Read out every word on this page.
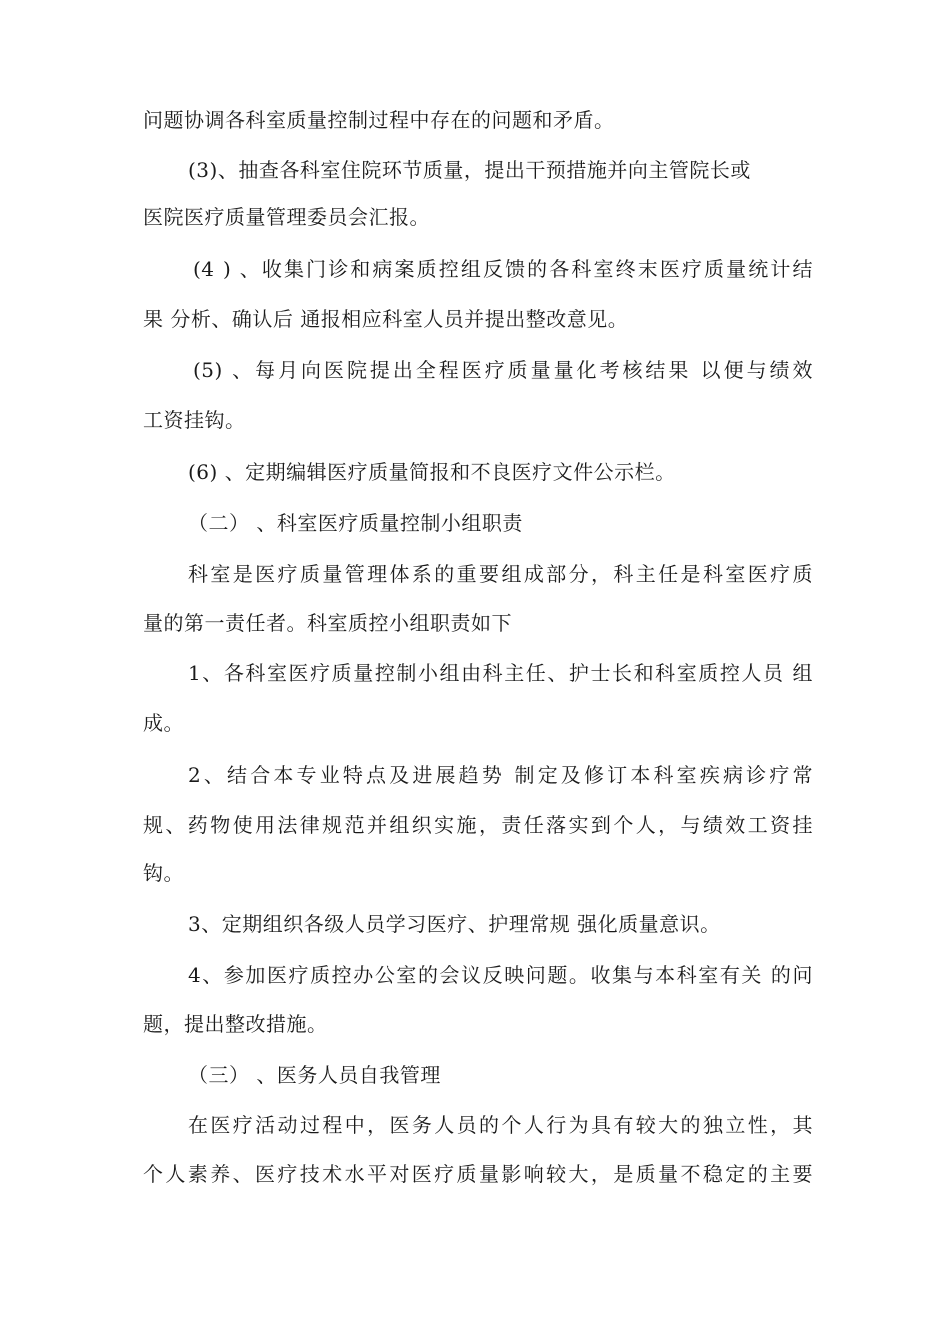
问题协调各科室质量控制过程中存在的问题和矛盾。
(3)、抽查各科室住院环节质量，提出干预措施并向主管院长或
医院医疗质量管理委员会汇报。
(4 ) 、收集门诊和病案质控组反馈的各科室终末医疗质量统计结
果 分析、确认后 通报相应科室人员并提出整改意见。
(5) 、每月向医院提出全程医疗质量量化考核结果 以便与绩效
工资挂钩。
(6) 、定期编辑医疗质量简报和不良医疗文件公示栏。
（二） 、科室医疗质量控制小组职责
科室是医疗质量管理体系的重要组成部分，科主任是科室医疗质
量的第一责任者。科室质控小组职责如下
1、各科室医疗质量控制小组由科主任、护士长和科室质控人员 组
成。
2、结合本专业特点及进展趋势 制定及修订本科室疾病诊疗常
规、药物使用法律规范并组织实施，责任落实到个人，与绩效工资挂
钩。
3、定期组织各级人员学习医疗、护理常规 强化质量意识。
4、参加医疗质控办公室的会议反映问题。收集与本科室有关 的问
题，提出整改措施。
（三） 、医务人员自我管理
在医疗活动过程中，医务人员的个人行为具有较大的独立性，其
个人素养、医疗技术水平对医疗质量影响较大，是质量不稳定的主要
